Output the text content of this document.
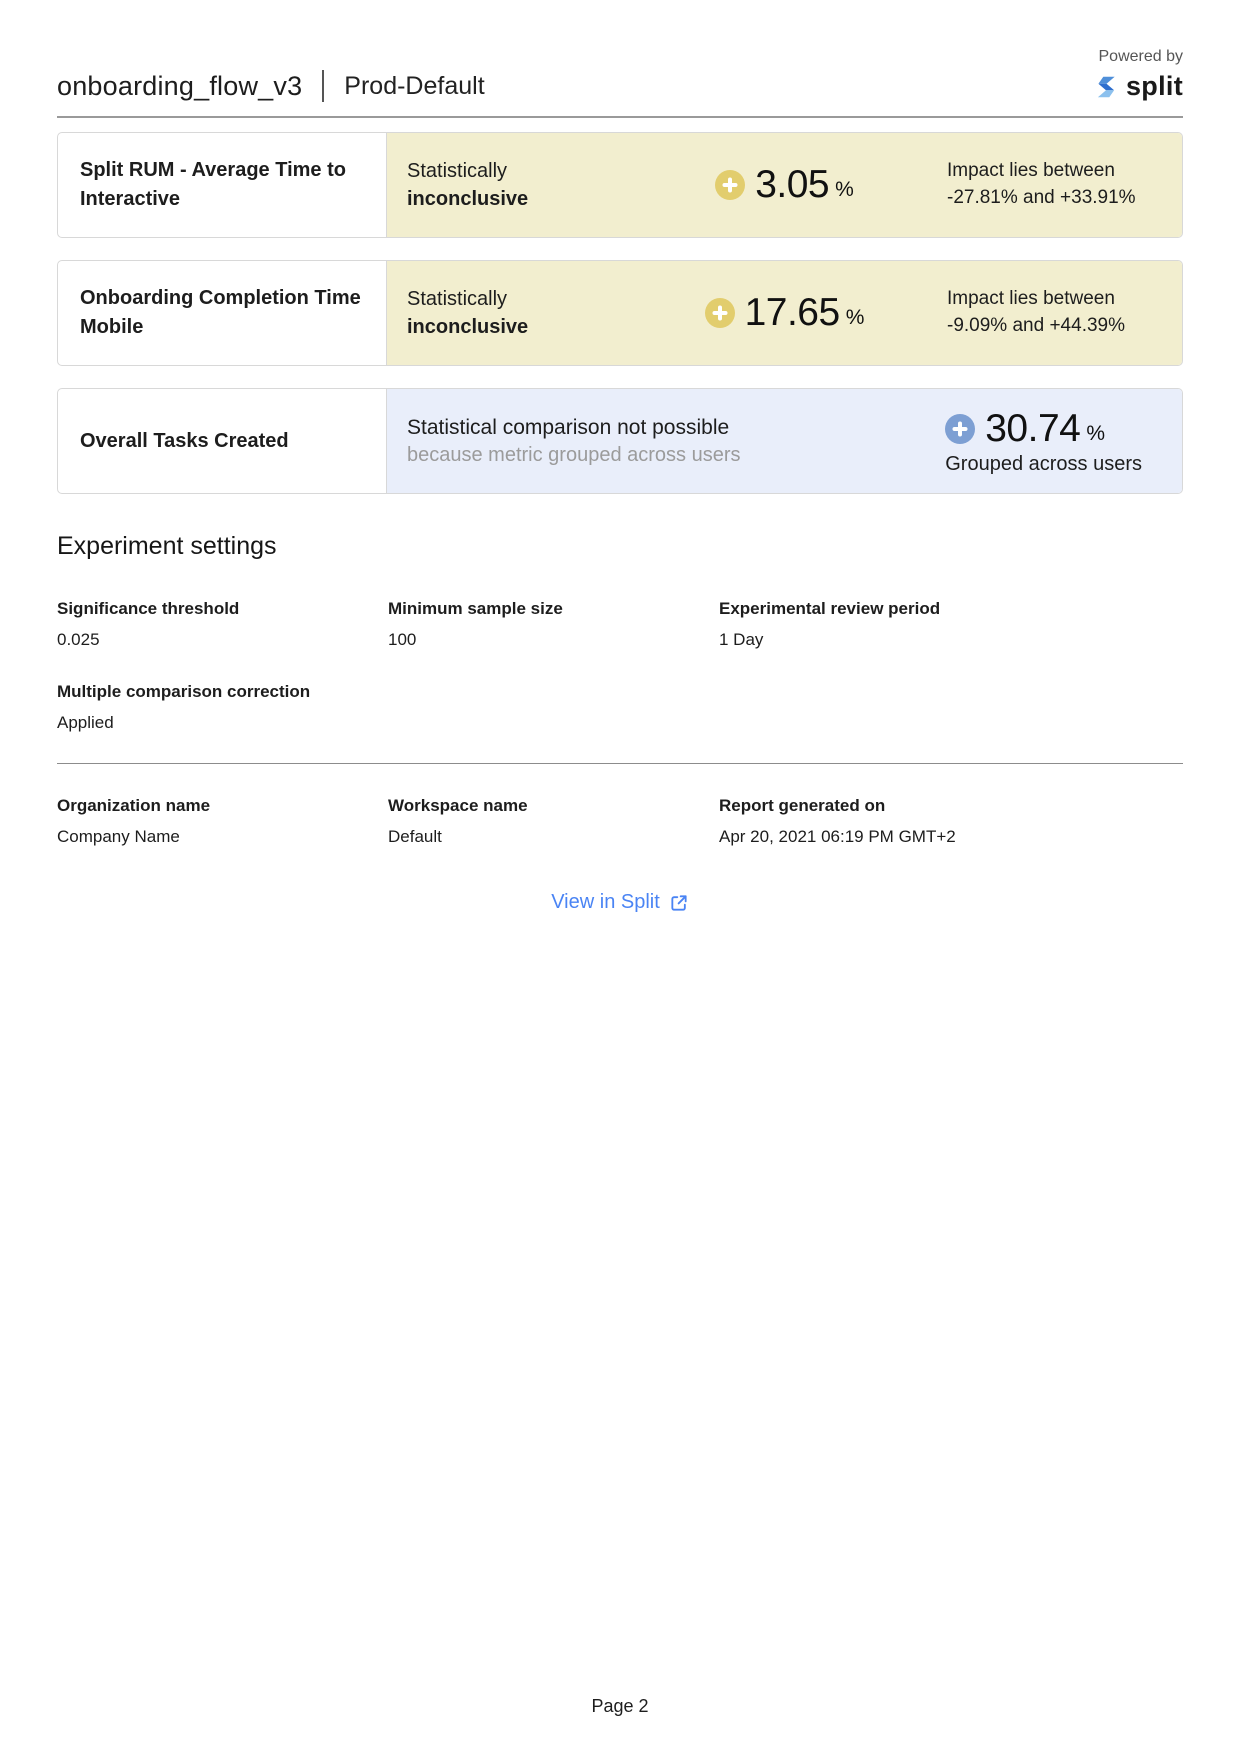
onboarding_flow_v3 Prod-Default
Powered by
split
Split RUM - Average Time to Interactive
Statistically
inconclusive	3.05 %
Impact lies between
-27.81% and +33.91%
Onboarding Completion Time Mobile
Statistically
inconclusive	17.65 %
Impact lies between
-9.09% and +44.39%
Overall Tasks Created
Statistical comparison not possible
because metric grouped across users
30.74 %
Grouped across users
Experiment settings
Significance threshold
0.025
Minimum sample size
100
Experimental review period
1 Day
Multiple comparison correction
Applied
Organization name
Company Name
Workspace name
Default
Report generated on
Apr 20, 2021 06:19 PM GMT+2
View in Split
Page 2
